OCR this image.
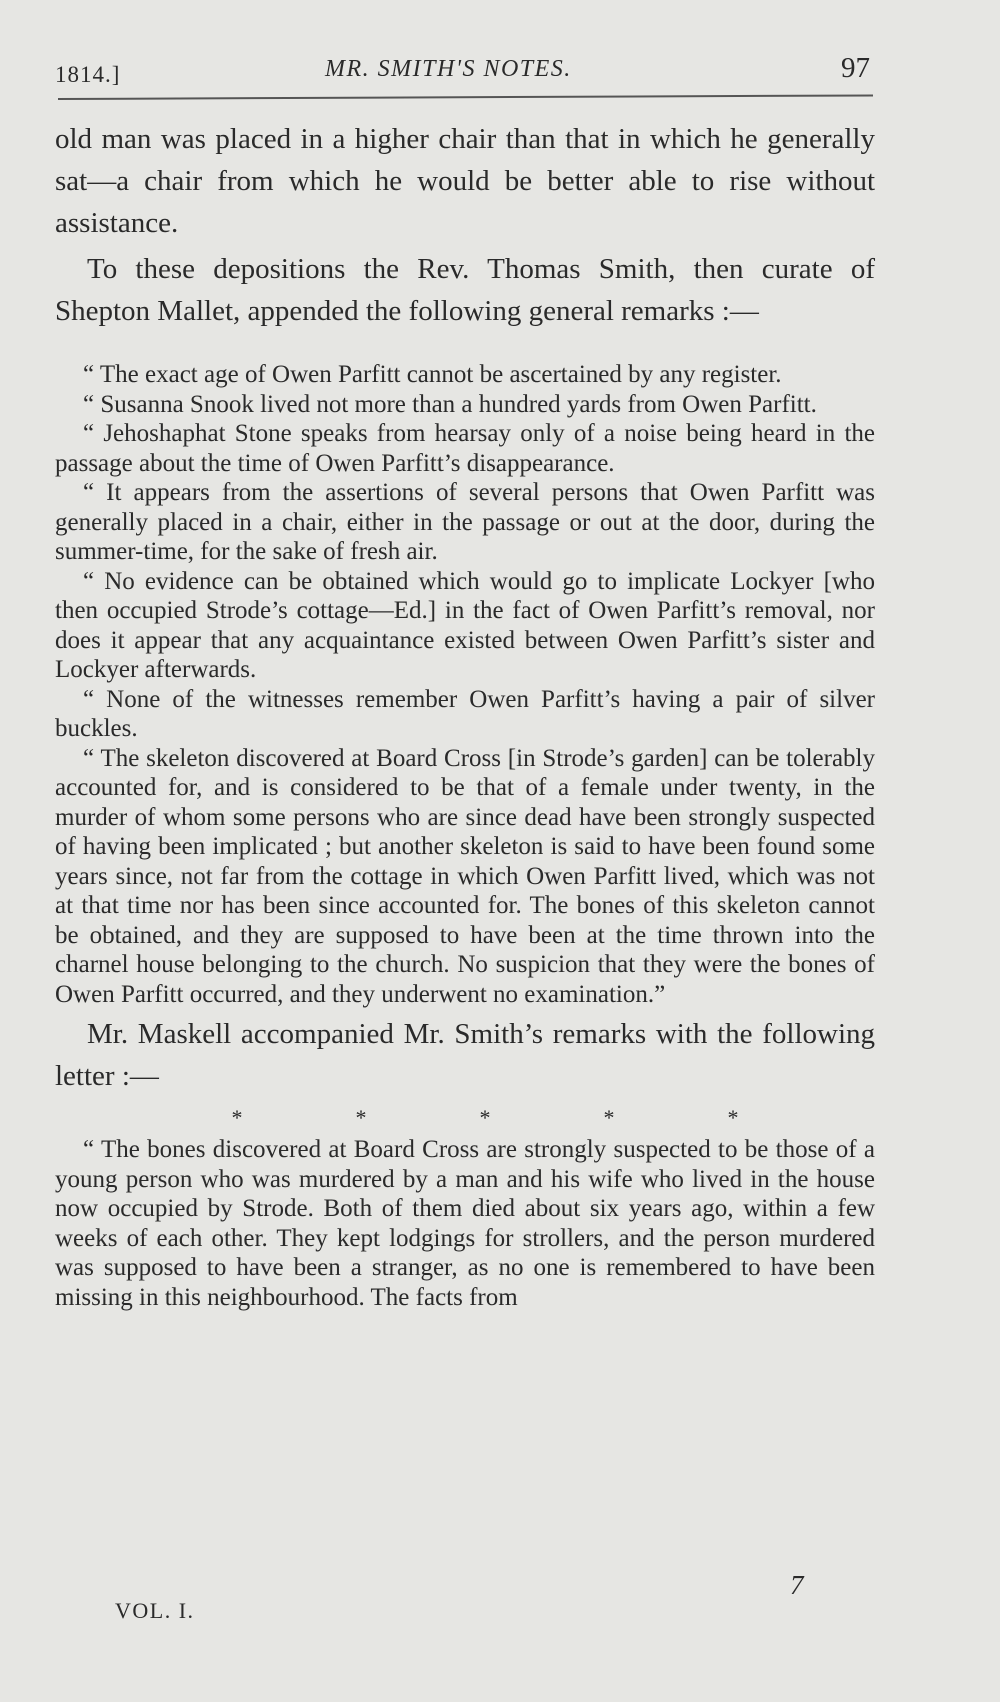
1814.]	MR. SMITH'S NOTES.	97

old man was placed in a higher chair than that in which he generally sat—a chair from which he would be better able to rise without assistance.

To these depositions the Rev. Thomas Smith, then curate of Shepton Mallet, appended the following general remarks :—

“ The exact age of Owen Parfitt cannot be ascertained by any register.

“ Susanna Snook lived not more than a hundred yards from Owen Parfitt.

“ Jehoshaphat Stone speaks from hearsay only of a noise being heard in the passage about the time of Owen Parfitt’s disappearance.

“ It appears from the assertions of several persons that Owen Parfitt was generally placed in a chair, either in the passage or out at the door, during the summer-time, for the sake of fresh air.

“ No evidence can be obtained which would go to implicate Lockyer [who then occupied Strode’s cottage—Ed.] in the fact of Owen Parfitt’s removal, nor does it appear that any acquaintance existed between Owen Parfitt’s sister and Lockyer afterwards.

“ None of the witnesses remember Owen Parfitt’s having a pair of silver buckles.

“ The skeleton discovered at Board Cross [in Strode’s garden] can be tolerably accounted for, and is considered to be that of a female under twenty, in the murder of whom some persons who are since dead have been strongly suspected of having been implicated ; but another skeleton is said to have been found some years since, not far from the cottage in which Owen Parfitt lived, which was not at that time nor has been since accounted for. The bones of this skeleton cannot be obtained, and they are supposed to have been at the time thrown into the charnel house belonging to the church. No suspicion that they were the bones of Owen Parfitt occurred, and they underwent no examination.”

Mr. Maskell accompanied Mr. Smith’s remarks with the following letter :—

*	*	*	*	*

“ The bones discovered at Board Cross are strongly suspected to be those of a young person who was murdered by a man and his wife who lived in the house now occupied by Strode. Both of them died about six years ago, within a few weeks of each other. They kept lodgings for strollers, and the person murdered was supposed to have been a stranger, as no one is remembered to have been missing in this neighbourhood. The facts from

7
VOL. I.
